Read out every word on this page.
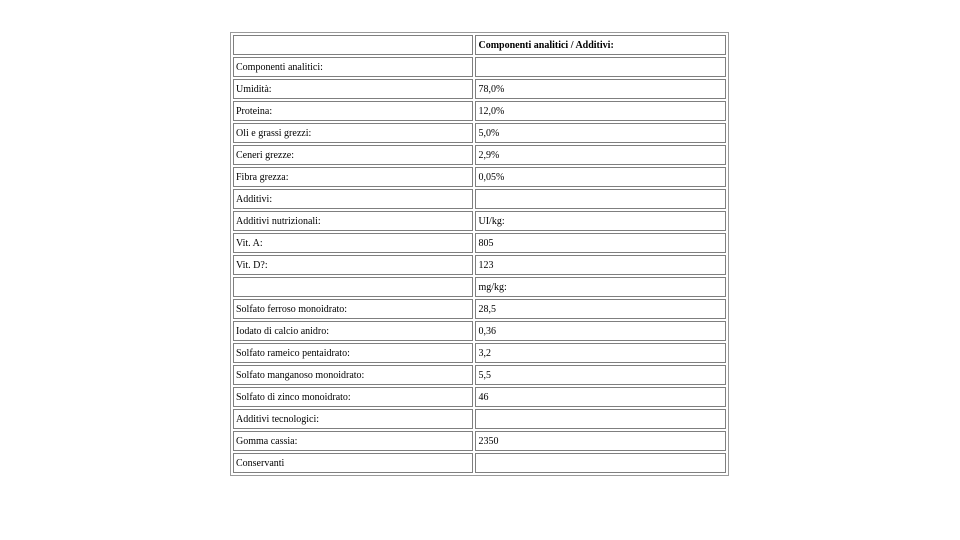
	Componenti analitici / Additivi:
Componenti analitici:	
Umidità:	78,0%
Proteina:	12,0%
Oli e grassi grezzi:	5,0%
Ceneri grezze:	2,9%
Fibra grezza:	0,05%
Additivi:	
Additivi nutrizionali:	UI/kg:
Vit. A:	805
Vit. D?:	123
	mg/kg:
Solfato ferroso monoidrato:	28,5
Iodato di calcio anidro:	0,36
Solfato rameico pentaidrato:	3,2
Solfato manganoso monoidrato:	5,5
Solfato di zinco monoidrato:	46
Additivi tecnologici:	
Gomma cassia:	2350
Conservanti	
